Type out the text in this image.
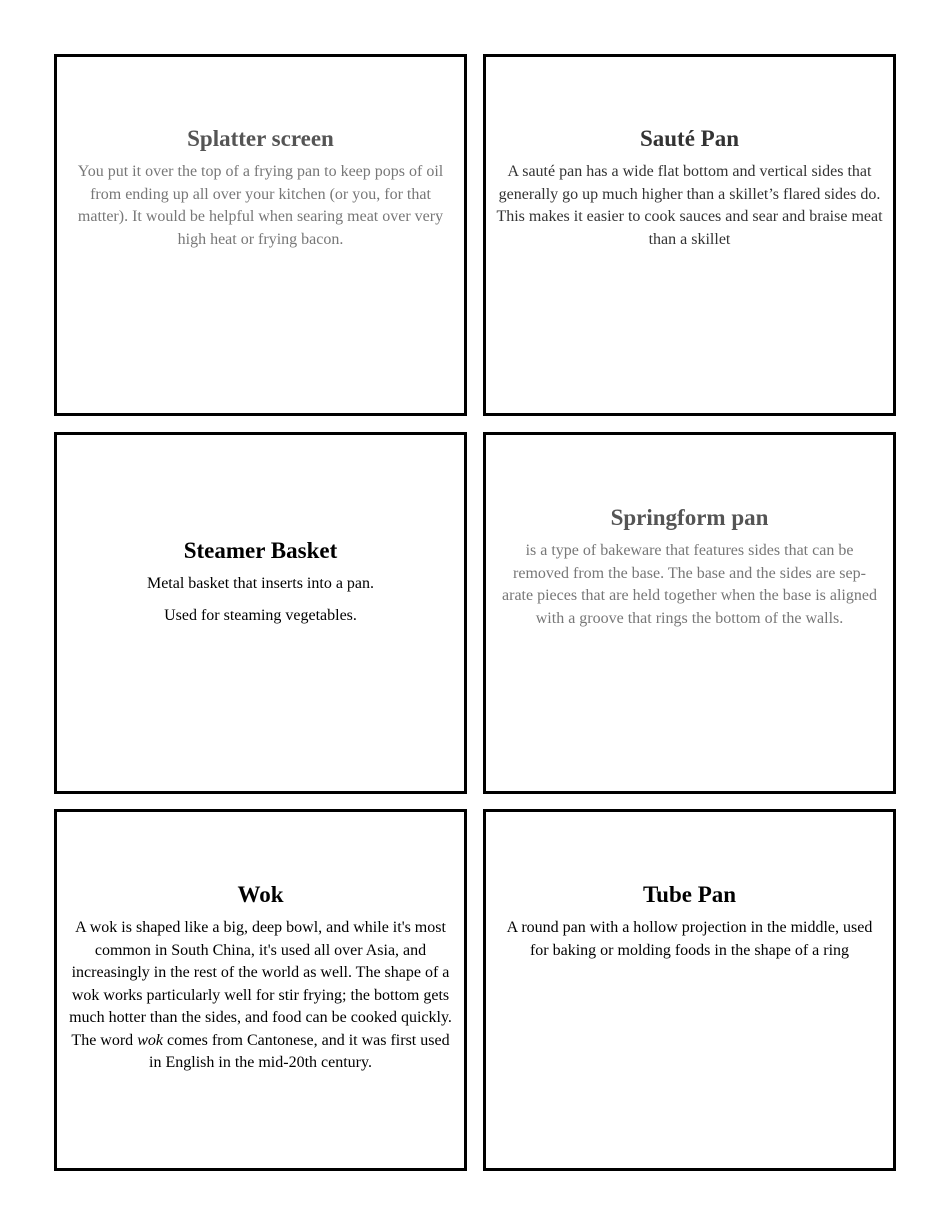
Splatter screen

You put it over the top of a frying pan to keep pops of oil from ending up all over your kitchen (or you, for that matter). It would be helpful when searing meat over very high heat or frying bacon.

Sauté Pan

A sauté pan has a wide flat bottom and vertical sides that generally go up much higher than a skillet’s flared sides do. This makes it easier to cook sauces and sear and braise meat than a skillet

Steamer Basket

Metal basket that inserts into a pan.

Used for steaming vegetables.

Springform pan

is a type of bakeware that features sides that can be removed from the base. The base and the sides are sep-arate pieces that are held together when the base is aligned with a groove that rings the bottom of the walls.

Wok

A wok is shaped like a big, deep bowl, and while it's most common in South China, it's used all over Asia, and increasingly in the rest of the world as well. The shape of a wok works particularly well for stir frying; the bottom gets much hotter than the sides, and food can be cooked quickly. The word wok comes from Cantonese, and it was first used in English in the mid-20th century.

Tube Pan

A round pan with a hollow projection in the middle, used for baking or molding foods in the shape of a ring
